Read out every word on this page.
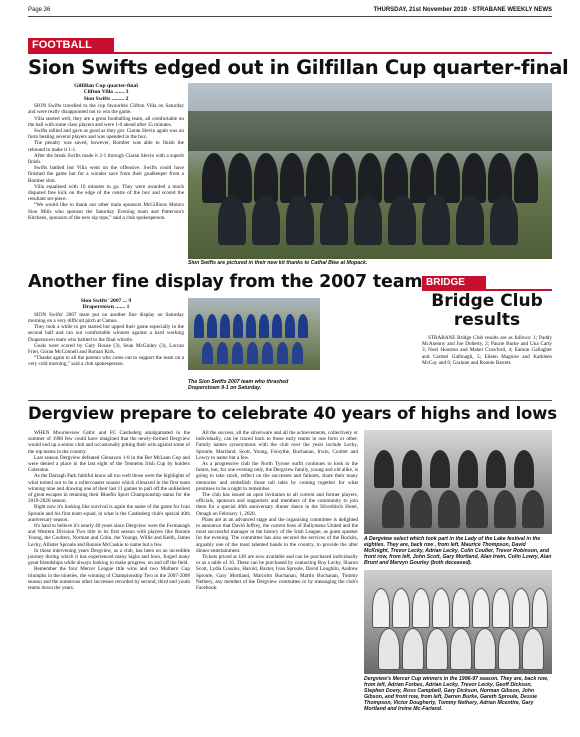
Page 36	THURSDAY, 21st November 2019 - STRABANE WEEKLY NEWS
FOOTBALL
Sion Swifts edged out in Gilfillan Cup quarter-final
Gilfillan Cup quarter-final
Clifton Villa ....... 3
Sion Swifts ......... 2

SION Swifts travelled to the cup favourites Clifton Villa on Saturday and were really disappointed not to win the game.

Villa started well, they are a great footballing team, all comfortable on the ball with some class players and were 1-0 ahead after 15 minutes.

Swifts rallied and gave as good as they got. Ciaran Slevin again was on form beating several players and was upended in the box.

The penalty was saved, however, Bomber was able to finish the rebound to make it 1-1.

After the break Swifts made it 2-1 through Ciaran Slevin with a superb finish.

Swifts battled but Villa went on the offensive. Swifts could have finished the game but for a wonder save from their goalkeeper from a Bomber shot.

Villa equalised with 10 minutes to go. They were awarded a much disputed free kick on the edge of the centre of the box and scored the resultant set-piece.

“We would like to thank our other main sponsors McGillions Motors Sion Mills who sponsor the Saturday Evening team and Patterson's Kitchens, sponsors of the new zip tops,” said a club spokesperson.

Sion Swifts are pictured in their new kit thanks to Cathal Blee at Mopack.
Another fine display from the 2007 team
Sion Swifts' 2007 ... 9
Draperstown ....... 1

SION Swifts' 2007 team put on another fine display on Saturday morning on a very difficult pitch at Camus.

They took a while to get started but upped their game especially in the second half and ran out comfortable winners against a hard working Draperstown team who battled to the final whistle.

Goals were scored by Gary Rouse (3), Sean McGinley (3), Lorcan Friel, Goran McConnell and Roman Kirk.

“Thanks again to all the parents who come out to support the team on a very cold morning,” said a club spokesperson.

The Sion Swifts 2007 team who thrashed Draperstown 9-1 on Saturday.
BRIDGE
Bridge Club
results

STRABANE Bridge Club results are as follows: 1; Paddy McAnenny and Joe Doherty, 2; Paurie Burke and Una Carty 3; Noel Houston and Mabel Crawford, 4; Eamon Gallagher and Carmel Gallinagh, 5; Eileen Maguire and Kathleen McCay and 6; Grainne and Ronnie Barrett.

Dergview prepare to celebrate 40 years of highs and lows

WHEN Mourneview Celtic and FC Castlederg amalgamated in the summer of 1980 few could have imagined that the newly-formed Dergview would end up a senior club and occasionally pitting their wits against some of the top teams in the country.

Last season Dergview defeated Glenavon 1-0 in the Bet McLean Cup and were denied a place in the last eight of the Tennents Irish Cup by holders Coleraine.

As the Darragh Park faithful know all too well those were the highlights of what turned out to be a rollercoaster season which climaxed in the first team winning nine and drawing one of their last 11 games to pull off the unlikeliest of great escapes in retaining their Bluefin Sport Championship status for the 2019-2020 season.

Right now it's looking like survival is again the name of the game for Ivan Sproule and his first team squad, in what is the Castlederg club's special 40th anniversary season.

It's hard to believe it's nearly 40 years since Dergview were the Fermanagh and Western Division Two title in its first season with players like Ronnie Young, the Coulters, Norman and Colin, the Youngs, Willie and Keith, James Lecky, Allister Sproule and Ronnie McCaskie to name but a few.

In those intervening years Dergview, as a club, has been on an incredible journey during which it has experienced many highs and lows, forged many great friendships while always looking to make progress, on and off the field.

Remember the four Mercer League title wins and two Mulhern Cup triumphs in the nineties, the winning of Championship Two in the 2007-2008 season and the numerous other successes recorded by second, third and youth teams down the years.

All the success, all the silverware and all the achievements, collectively or individually, can be traced back to those early teams in one form or other. Family names synonymous with the club over the years include Lecky, Sproule, Mortland, Scott, Young, Forsythe, Buchanan, Irwin, Coulter and Lowry to name but a few.

As a progressive club the North Tyrone outfit continues to look to the future, but, for one evening only, the Dergview family, young and old alike, is going to take stock, reflect on the successes and failures, share their many memories and embellish those tall tales by coming together for what promises to be a night to remember.

The club has issued an open invitation to all current and former players, officials, sponsors and supporters and members of the community to join them for a special 40th anniversary dinner dance in the Silverbirch Hotel, Omagh on February 1, 2020.

Plans are at an advanced stage and the organising committee is delighted to announce that David Jeffrey, the current boss of Ballymena United and the most successful manager in the history of the Irish League, as guest speaker for the evening. The committee has also secured the services of the Rockits, arguably one of the most talented bands in the country, to provide the after dinner entertainment.

Tickets priced at £40 are now available and can be purchased individually or as a table of 10. These can be purchased by contacting Roy Lecky, Sharon Scott, Lydia Cousins, Harold, Baxter, Ivan Sproule, David Loughlin, Andrew Sproule, Gary Mortland, Malcolm Buchanan, Martin Buchanan, Tommy Nethery, any member of the Dergview committee or by messaging the club's Facebook.

A Dergview select which took part in the Lady of the Lake festival in the eighties. They are, back row , from left, Maurice Thompson, David McKnight, Trevor Lecky, Adrian Lecky, Colin Coulter, Trevor Robinson, and front row, from left, John Scott, Gary Mortland, Alan Irwin, Colin Lowry, Alan Brunt and Mervyn Gourley (both deceased).
Dergview's Mercer Cup winners in the 1996-97 season. They are, back row, from left, Adrian Forbes, Adrian Lecky, Trevor Lecky, Geoff Dickson, Stephen Doery, Ross Campbell, Gary Dickson, Norman Gibson, John Gibson, and front row, from left, Darren Burke, Gareth Sproule, Dessie Thompson, Victor Dougherty, Tommy Nethery, Adrian Mcentire, Gary Mortland and Irvine Mc-Farland.
